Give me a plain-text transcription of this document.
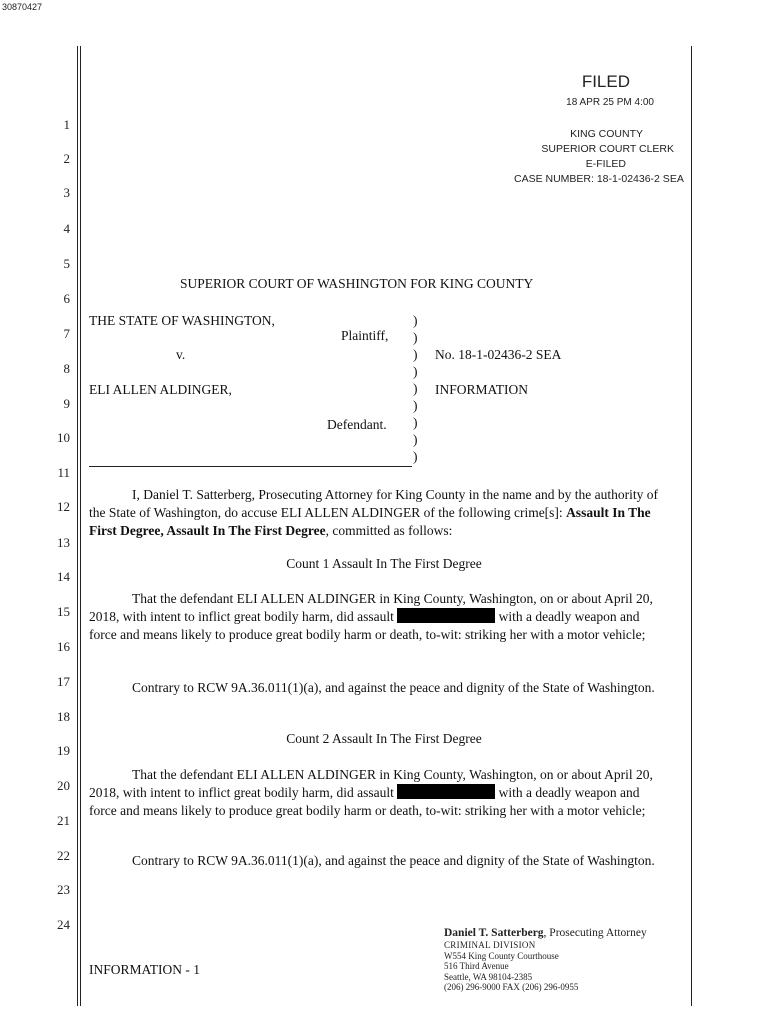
30870427
1
2
3
4
5
6
7
8
9
10
11
12
13
14
15
16
17
18
19
20
21
22
23
24
FILED
18 APR 25 PM 4:00
KING COUNTY
SUPERIOR COURT CLERK
E-FILED
CASE NUMBER: 18-1-02436-2 SEA
SUPERIOR COURT OF WASHINGTON FOR KING COUNTY
THE STATE OF WASHINGTON,
Plaintiff,
v.
ELI ALLEN ALDINGER,
Defendant.
)
)
)
)
)
)
)
)
)
No. 18-1-02436-2 SEA
INFORMATION
I, Daniel T. Satterberg, Prosecuting Attorney for King County in the name and by the authority of the State of Washington, do accuse ELI ALLEN ALDINGER of the following crime[s]: Assault In The First Degree, Assault In The First Degree, committed as follows:
Count 1 Assault In The First Degree
That the defendant ELI ALLEN ALDINGER in King County, Washington, on or about April 20, 2018, with intent to inflict great bodily harm, did assault	with a deadly weapon and force and means likely to produce great bodily harm or death, to-wit: striking her with a motor vehicle;
Contrary to RCW 9A.36.011(1)(a), and against the peace and dignity of the State of Washington.
Count 2 Assault In The First Degree
That the defendant ELI ALLEN ALDINGER in King County, Washington, on or about April 20, 2018, with intent to inflict great bodily harm, did assault	with a deadly weapon and force and means likely to produce great bodily harm or death, to-wit: striking her with a motor vehicle;
Contrary to RCW 9A.36.011(1)(a), and against the peace and dignity of the State of Washington.
INFORMATION - 1
Daniel T. Satterberg, Prosecuting Attorney
CRIMINAL DIVISION
W554 King County Courthouse
516 Third Avenue
Seattle, WA 98104-2385
(206) 296-9000 FAX (206) 296-0955
